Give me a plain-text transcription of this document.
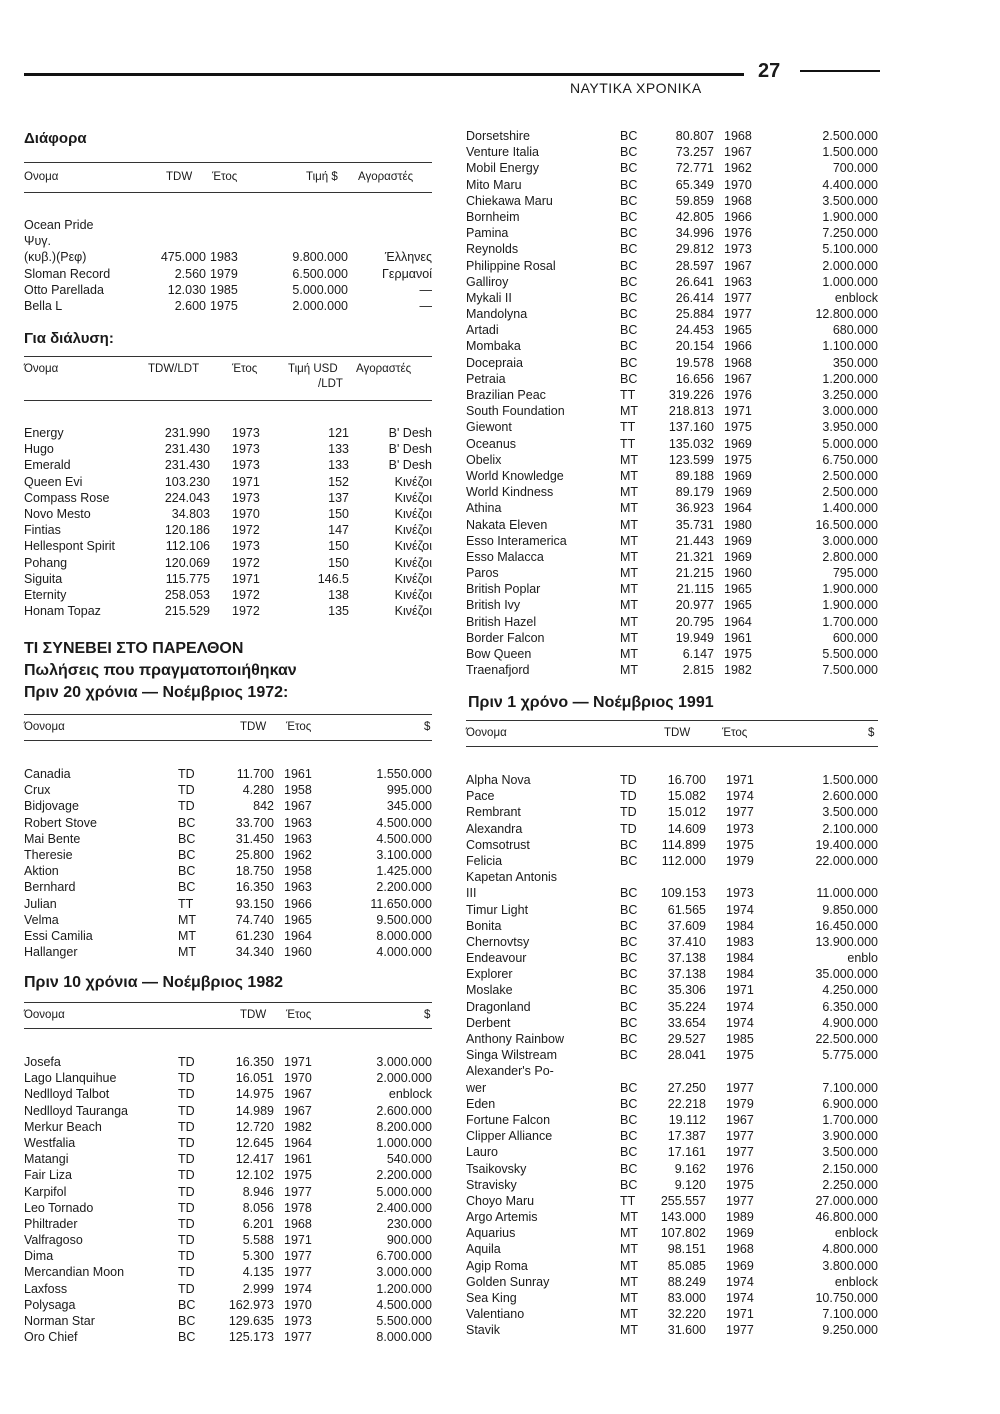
27
ΝΑΥΤΙΚΑ ΧΡΟΝΙΚΑ
Διάφορα
Ονομα	TDW Έτος	Τιμή $ Αγοραστές
Ocean Pride
Ψυγ.
(κυβ.)(Ρεφ)	475.000 1983	9.800.000	Έλληνες
Sloman Record	2.560 1979	6.500.000	Γερμανοί
Otto Parellada	12.030 1985	5.000.000	—
Bella L	2.600 1975	2.000.000	—
Για διάλυση:
Όνομα	TDW/LDT	Έτος	Τιμή USD
/LDT
Αγοραστές
Energy	231.990 1973	121	B' Desh
Hugo	231.430 1973	133	B' Desh
Emerald	231.430 1973	133	B' Desh
Queen Evi	103.230 1971	152	Κινέζοι
Compass Rose	224.043 1973	137	Κινέζοι
Novo Mesto	34.803 1970	150	Κινέζοι
Fintias	120.186 1972	147	Κινέζοι
Hellespont Spirit	112.106 1973	150	Κινέζοι
Pohang	120.069 1972	150	Κινέζοι
Siguita	115.775 1971	146.5	Κινέζοι
Eternity	258.053 1972	138	Κινέζοι
Honam Topaz	215.529 1972	135	Κινέζοι
ΤΙ ΣΥΝΕΒΕΙ ΣΤΟ ΠΑΡΕΛΘΟΝ
Πωλήσεις που πραγματοποιήθηκαν
Πριν 20 χρόνια — Νοέμβριος 1972:
Όονομα	TDW Έτος	$
Canadia	TD	11.700 1961	1.550.000
Crux	TD	4.280 1958	995.000
Bidjovage	TD	842 1967	345.000
Robert Stove	BC	33.700 1963	4.500.000
Mai Bente	BC	31.450 1963	4.500.000
Theresie	BC	25.800 1962	3.100.000
Aktion	BC	18.750 1958	1.425.000
Bernhard	BC	16.350 1963	2.200.000
Julian	TT	93.150 1966	11.650.000
Velma	MT	74.740 1965	9.500.000
Essi Camilia	MT	61.230 1964	8.000.000
Hallanger	MT	34.340 1960	4.000.000
Πριν 10 χρόνια — Νοέμβριος 1982
Όονομα	TDW Έτος	$
Josefa	TD	16.350 1971	3.000.000
Lago Llanquihue	TD	16.051 1970	2.000.000
Nedlloyd Talbot	TD	14.975 1967	enblock
Nedlloyd Tauranga	TD	14.989 1967	2.600.000
Merkur Beach	TD	12.720 1982	8.200.000
Westfalia	TD	12.645 1964	1.000.000
Matangi	TD	12.417 1961	540.000
Fair Liza	TD	12.102 1975	2.200.000
Karpifol	TD	8.946 1977	5.000.000
Leo Tornado	TD	8.056 1978	2.400.000
Philtrader	TD	6.201 1968	230.000
Valfragoso	TD	5.588 1971	900.000
Dima	TD	5.300 1977	6.700.000
Mercandian Moon	TD	4.135 1977	3.000.000
Laxfoss	TD	2.999 1974	1.200.000
Polysaga	BC	162.973 1970	4.500.000
Norman Star	BC	129.635 1973	5.500.000
Oro Chief	BC	125.173 1977	8.000.000
Dorsetshire	BC	80.807 1968	2.500.000
Venture Italia	BC	73.257 1967	1.500.000
Mobil Energy	BC	72.771 1962	700.000
Mito Maru	BC	65.349 1970	4.400.000
Chiekawa Maru	BC	59.859 1968	3.500.000
Bornheim	BC	42.805 1966	1.900.000
Pamina	BC	34.996 1976	7.250.000
Reynolds	BC	29.812 1973	5.100.000
Philippine Rosal	BC	28.597 1967	2.000.000
Galliroy	BC	26.641 1963	1.000.000
Mykali II	BC	26.414 1977	enblock
Mandolyna	BC	25.884 1977	12.800.000
Artadi	BC	24.453 1965	680.000
Mombaka	BC	20.154 1966	1.100.000
Docepraia	BC	19.578 1968	350.000
Petraia	BC	16.656 1967	1.200.000
Brazilian Peac	TT	319.226 1976	3.250.000
South Foundation	MT 218.813 1971	3.000.000
Giewont	TT	137.160 1975	3.950.000
Oceanus	TT	135.032 1969	5.000.000
Obelix	MT 123.599 1975	6.750.000
World Knowledge	MT	89.188 1969	2.500.000
World Kindness	MT	89.179 1969	2.500.000
Athina	MT	36.923 1964	1.400.000
Nakata Eleven	MT	35.731 1980	16.500.000
Esso Interamerica	MT	21.443 1969	3.000.000
Esso Malacca	MT	21.321 1969	2.800.000
Paros	MT	21.215 1960	795.000
British Poplar	MT	21.115 1965	1.900.000
British Ivy	MT	20.977 1965	1.900.000
British Hazel	MT	20.795 1964	1.700.000
Border Falcon	MT	19.949 1961	600.000
Bow Queen	MT	6.147 1975	5.500.000
Traenafjord	MT	2.815 1982	7.500.000
Πριν 1 χρόνο — Νοέμβριος 1991
Όονομα	TDW	Έτος	$
Alpha Nova	TD 16.700 1971	1.500.000
Pace	TD 15.082 1974	2.600.000
Rembrant	TD 15.012 1977	3.500.000
Alexandra	TD 14.609 1973	2.100.000
Comsotrust	BC 114.899 1975	19.400.000
Felicia	BC 112.000 1979	22.000.000
Kapetan Antonis
III	BC 109.153 1973	11.000.000
Timur Light	BC 61.565 1974	9.850.000
Bonita	BC 37.609 1984	16.450.000
Chernovtsy	BC 37.410 1983	13.900.000
Endeavour	BC 37.138 1984	enblo
Explorer	BC 37.138 1984	35.000.000
Moslake	BC 35.306 1971	4.250.000
Dragonland	BC 35.224 1974	6.350.000
Derbent	BC 33.654 1974	4.900.000
Anthony Rainbow	BC 29.527 1985	22.500.000
Singa Wilstream	BC 28.041 1975	5.775.000
Alexander's Po-
wer	BC 27.250 1977	7.100.000
Eden	BC 22.218 1979	6.900.000
Fortune Falcon	BC	19.112 1967	1.700.000
Clipper Alliance	BC 17.387 1977	3.900.000
Lauro	BC 17.161 1977	3.500.000
Tsaikovsky	BC	9.162 1976	2.150.000
Stravisky	BC	9.120 1975	2.250.000
Choyo Maru	TT 255.557 1977	27.000.000
Argo Artemis	MT 143.000 1989	46.800.000
Aquarius	MT 107.802 1969	enblock
Aquila	MT 98.151 1968	4.800.000
Agip Roma	MT 85.085 1969	3.800.000
Golden Sunray	MT 88.249 1974	enblock
Sea King	MT 83.000 1974	10.750.000
Valentiano	MT 32.220 1971	7.100.000
Stavik	MT 31.600 1977	9.250.000
